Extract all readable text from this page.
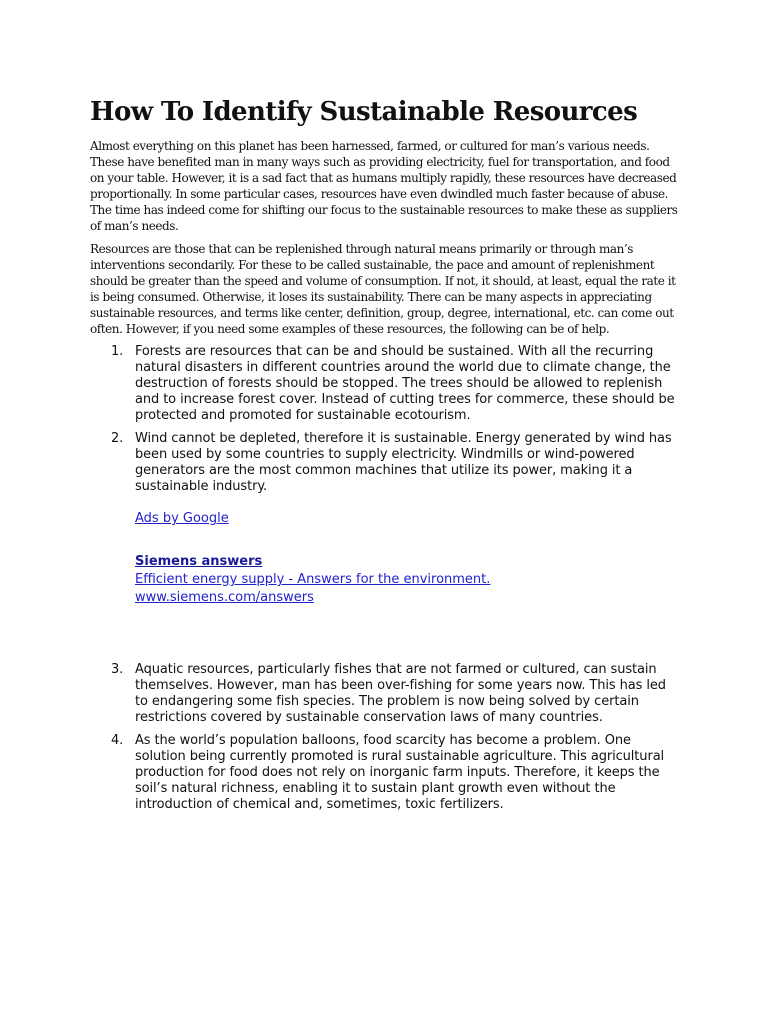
How To Identify Sustainable Resources

Almost everything on this planet has been harnessed, farmed, or cultured for man’s various needs. These have benefited man in many ways such as providing electricity, fuel for transportation, and food on your table. However, it is a sad fact that as humans multiply rapidly, these resources have decreased proportionally. In some particular cases, resources have even dwindled much faster because of abuse. The time has indeed come for shifting our focus to the sustainable resources to make these as suppliers of man’s needs.

Resources are those that can be replenished through natural means primarily or through man’s interventions secondarily. For these to be called sustainable, the pace and amount of replenishment should be greater than the speed and volume of consumption. If not, it should, at least, equal the rate it is being consumed. Otherwise, it loses its sustainability. There can be many aspects in appreciating sustainable resources, and terms like center, definition, group, degree, international, etc. can come out often. However, if you need some examples of these resources, the following can be of help.

1. Forests are resources that can be and should be sustained. With all the recurring natural disasters in different countries around the world due to climate change, the destruction of forests should be stopped. The trees should be allowed to replenish and to increase forest cover. Instead of cutting trees for commerce, these should be protected and promoted for sustainable ecotourism.
2. Wind cannot be depleted, therefore it is sustainable. Energy generated by wind has been used by some countries to supply electricity. Windmills or wind-powered generators are the most common machines that utilize its power, making it a sustainable industry.
Ads by Google
Siemens answers
Efficient energy supply - Answers for the environment.
www.siemens.com/answers
3. Aquatic resources, particularly fishes that are not farmed or cultured, can sustain themselves. However, man has been over-fishing for some years now. This has led to endangering some fish species. The problem is now being solved by certain restrictions covered by sustainable conservation laws of many countries.
4. As the world’s population balloons, food scarcity has become a problem. One solution being currently promoted is rural sustainable agriculture. This agricultural production for food does not rely on inorganic farm inputs. Therefore, it keeps the soil’s natural richness, enabling it to sustain plant growth even without the introduction of chemical and, sometimes, toxic fertilizers.
